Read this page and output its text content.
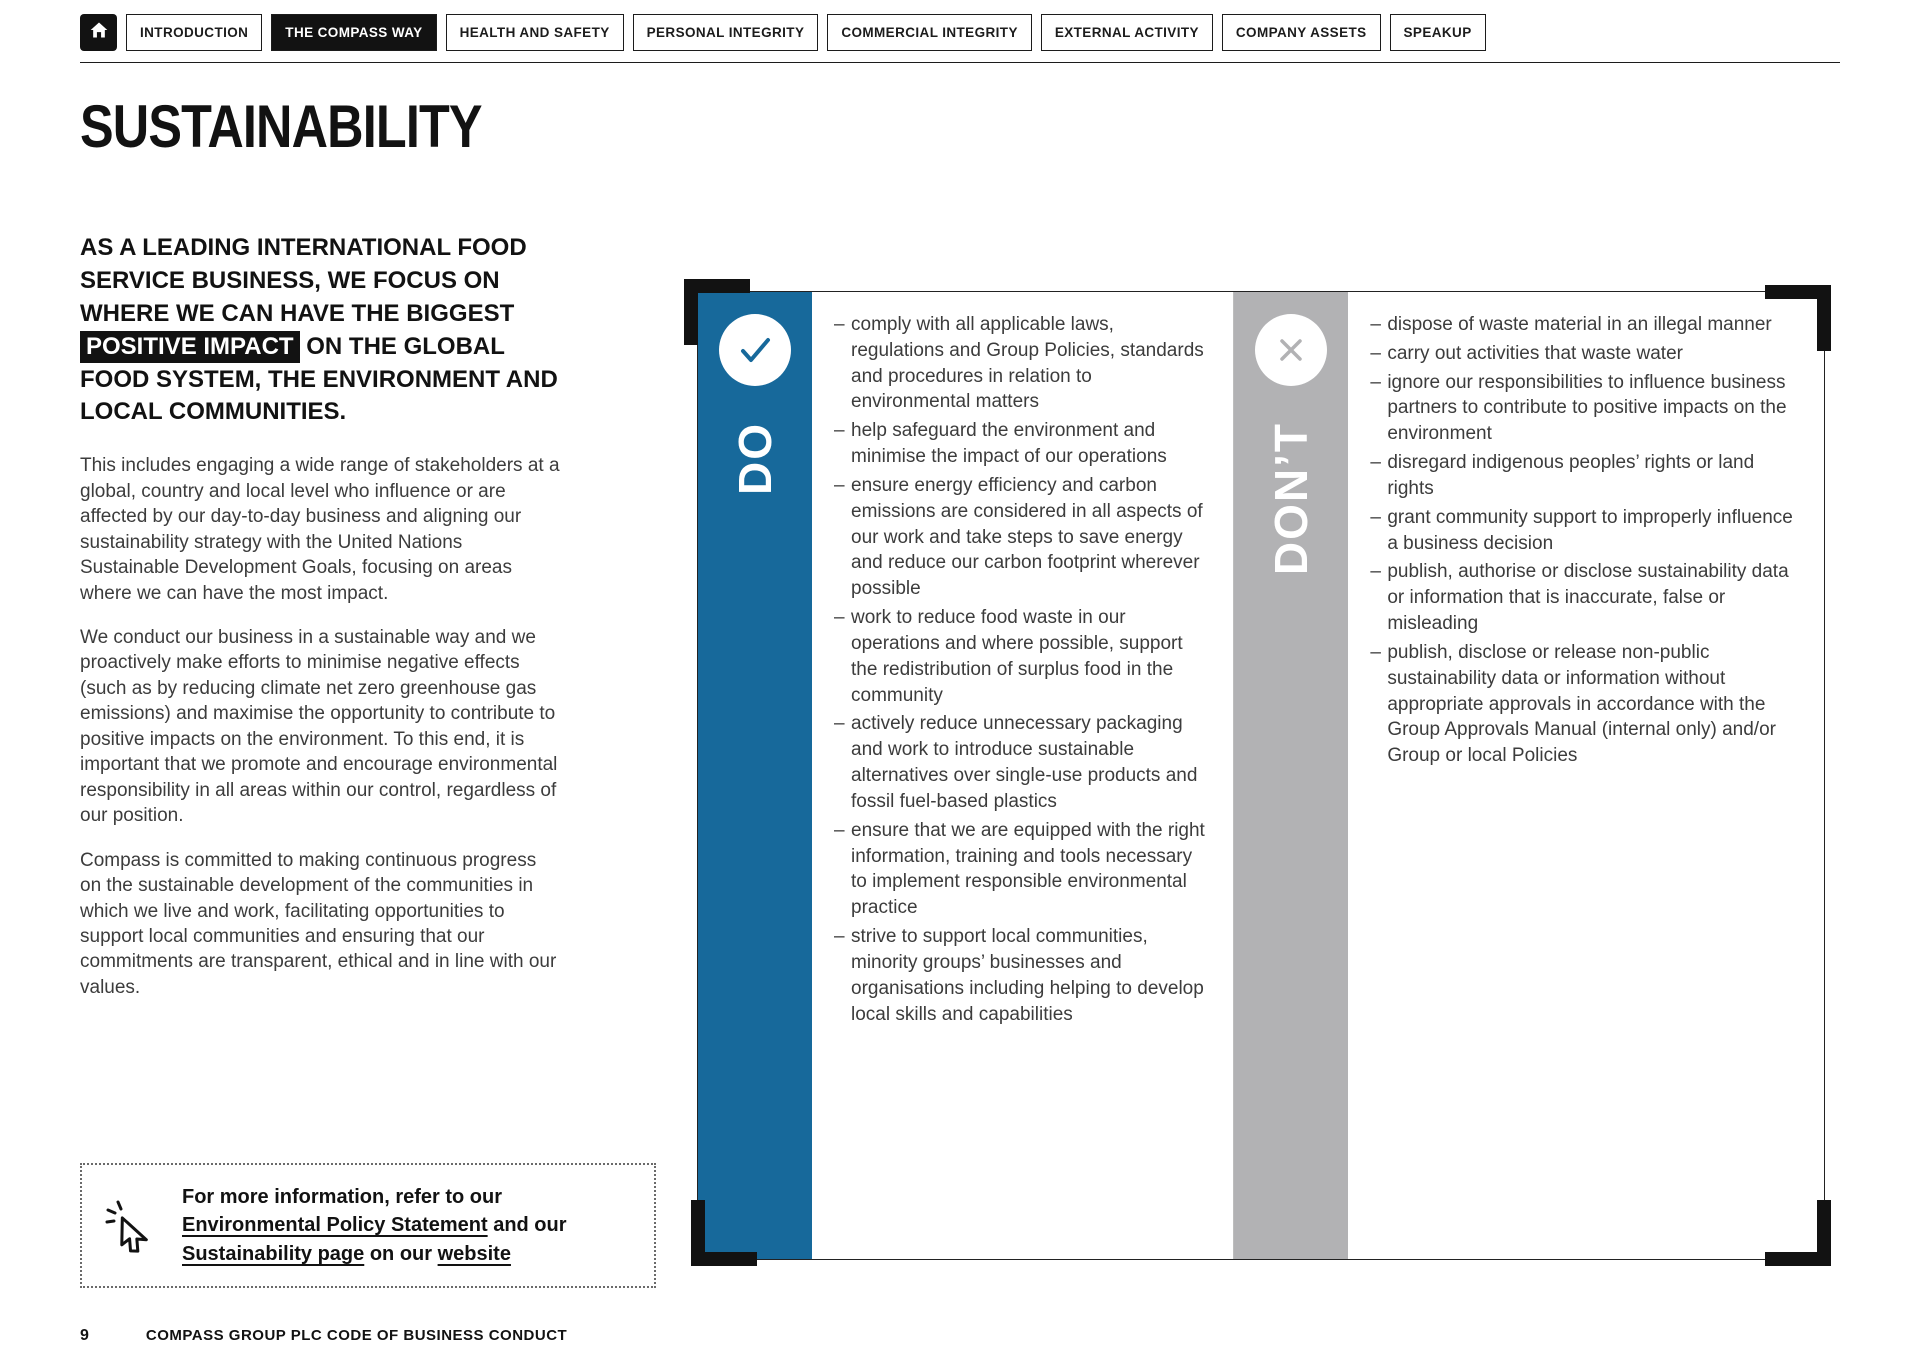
INTRODUCTION	THE COMPASS WAY	HEALTH AND SAFETY	PERSONAL INTEGRITY	COMMERCIAL INTEGRITY	EXTERNAL ACTIVITY	COMPANY ASSETS	SPEAKUP
SUSTAINABILITY

AS A LEADING INTERNATIONAL FOOD SERVICE BUSINESS, WE FOCUS ON WHERE WE CAN HAVE THE BIGGEST POSITIVE IMPACT ON THE GLOBAL FOOD SYSTEM, THE ENVIRONMENT AND LOCAL COMMUNITIES.

This includes engaging a wide range of stakeholders at a global, country and local level who influence or are affected by our day-to-day business and aligning our sustainability strategy with the United Nations Sustainable Development Goals, focusing on areas where we can have the most impact.

We conduct our business in a sustainable way and we proactively make efforts to minimise negative effects (such as by reducing climate net zero greenhouse gas emissions) and maximise the opportunity to contribute to positive impacts on the environment. To this end, it is important that we promote and encourage environmental responsibility in all areas within our control, regardless of our position.

Compass is committed to making continuous progress on the sustainable development of the communities in which we live and work, facilitating opportunities to support local communities and ensuring that our commitments are transparent, ethical and in line with our values.

For more information, refer to our Environmental Policy Statement and our Sustainability page on our website

DO
– comply with all applicable laws, regulations and Group Policies, standards and procedures in relation to environmental matters
– help safeguard the environment and minimise the impact of our operations
– ensure energy efficiency and carbon emissions are considered in all aspects of our work and take steps to save energy and reduce our carbon footprint wherever possible
– work to reduce food waste in our operations and where possible, support the redistribution of surplus food in the community
– actively reduce unnecessary packaging and work to introduce sustainable alternatives over single-use products and fossil fuel-based plastics
– ensure that we are equipped with the right information, training and tools necessary to implement responsible environmental practice
– strive to support local communities, minority groups’ businesses and organisations including helping to develop local skills and capabilities
DON’T
– dispose of waste material in an illegal manner
– carry out activities that waste water
– ignore our responsibilities to influence business partners to contribute to positive impacts on the environment
– disregard indigenous peoples’ rights or land rights
– grant community support to improperly influence a business decision
– publish, authorise or disclose sustainability data or information that is inaccurate, false or misleading
– publish, disclose or release non-public sustainability data or information without appropriate approvals in accordance with the Group Approvals Manual (internal only) and/or Group or local Policies
9	COMPASS GROUP PLC CODE OF BUSINESS CONDUCT
